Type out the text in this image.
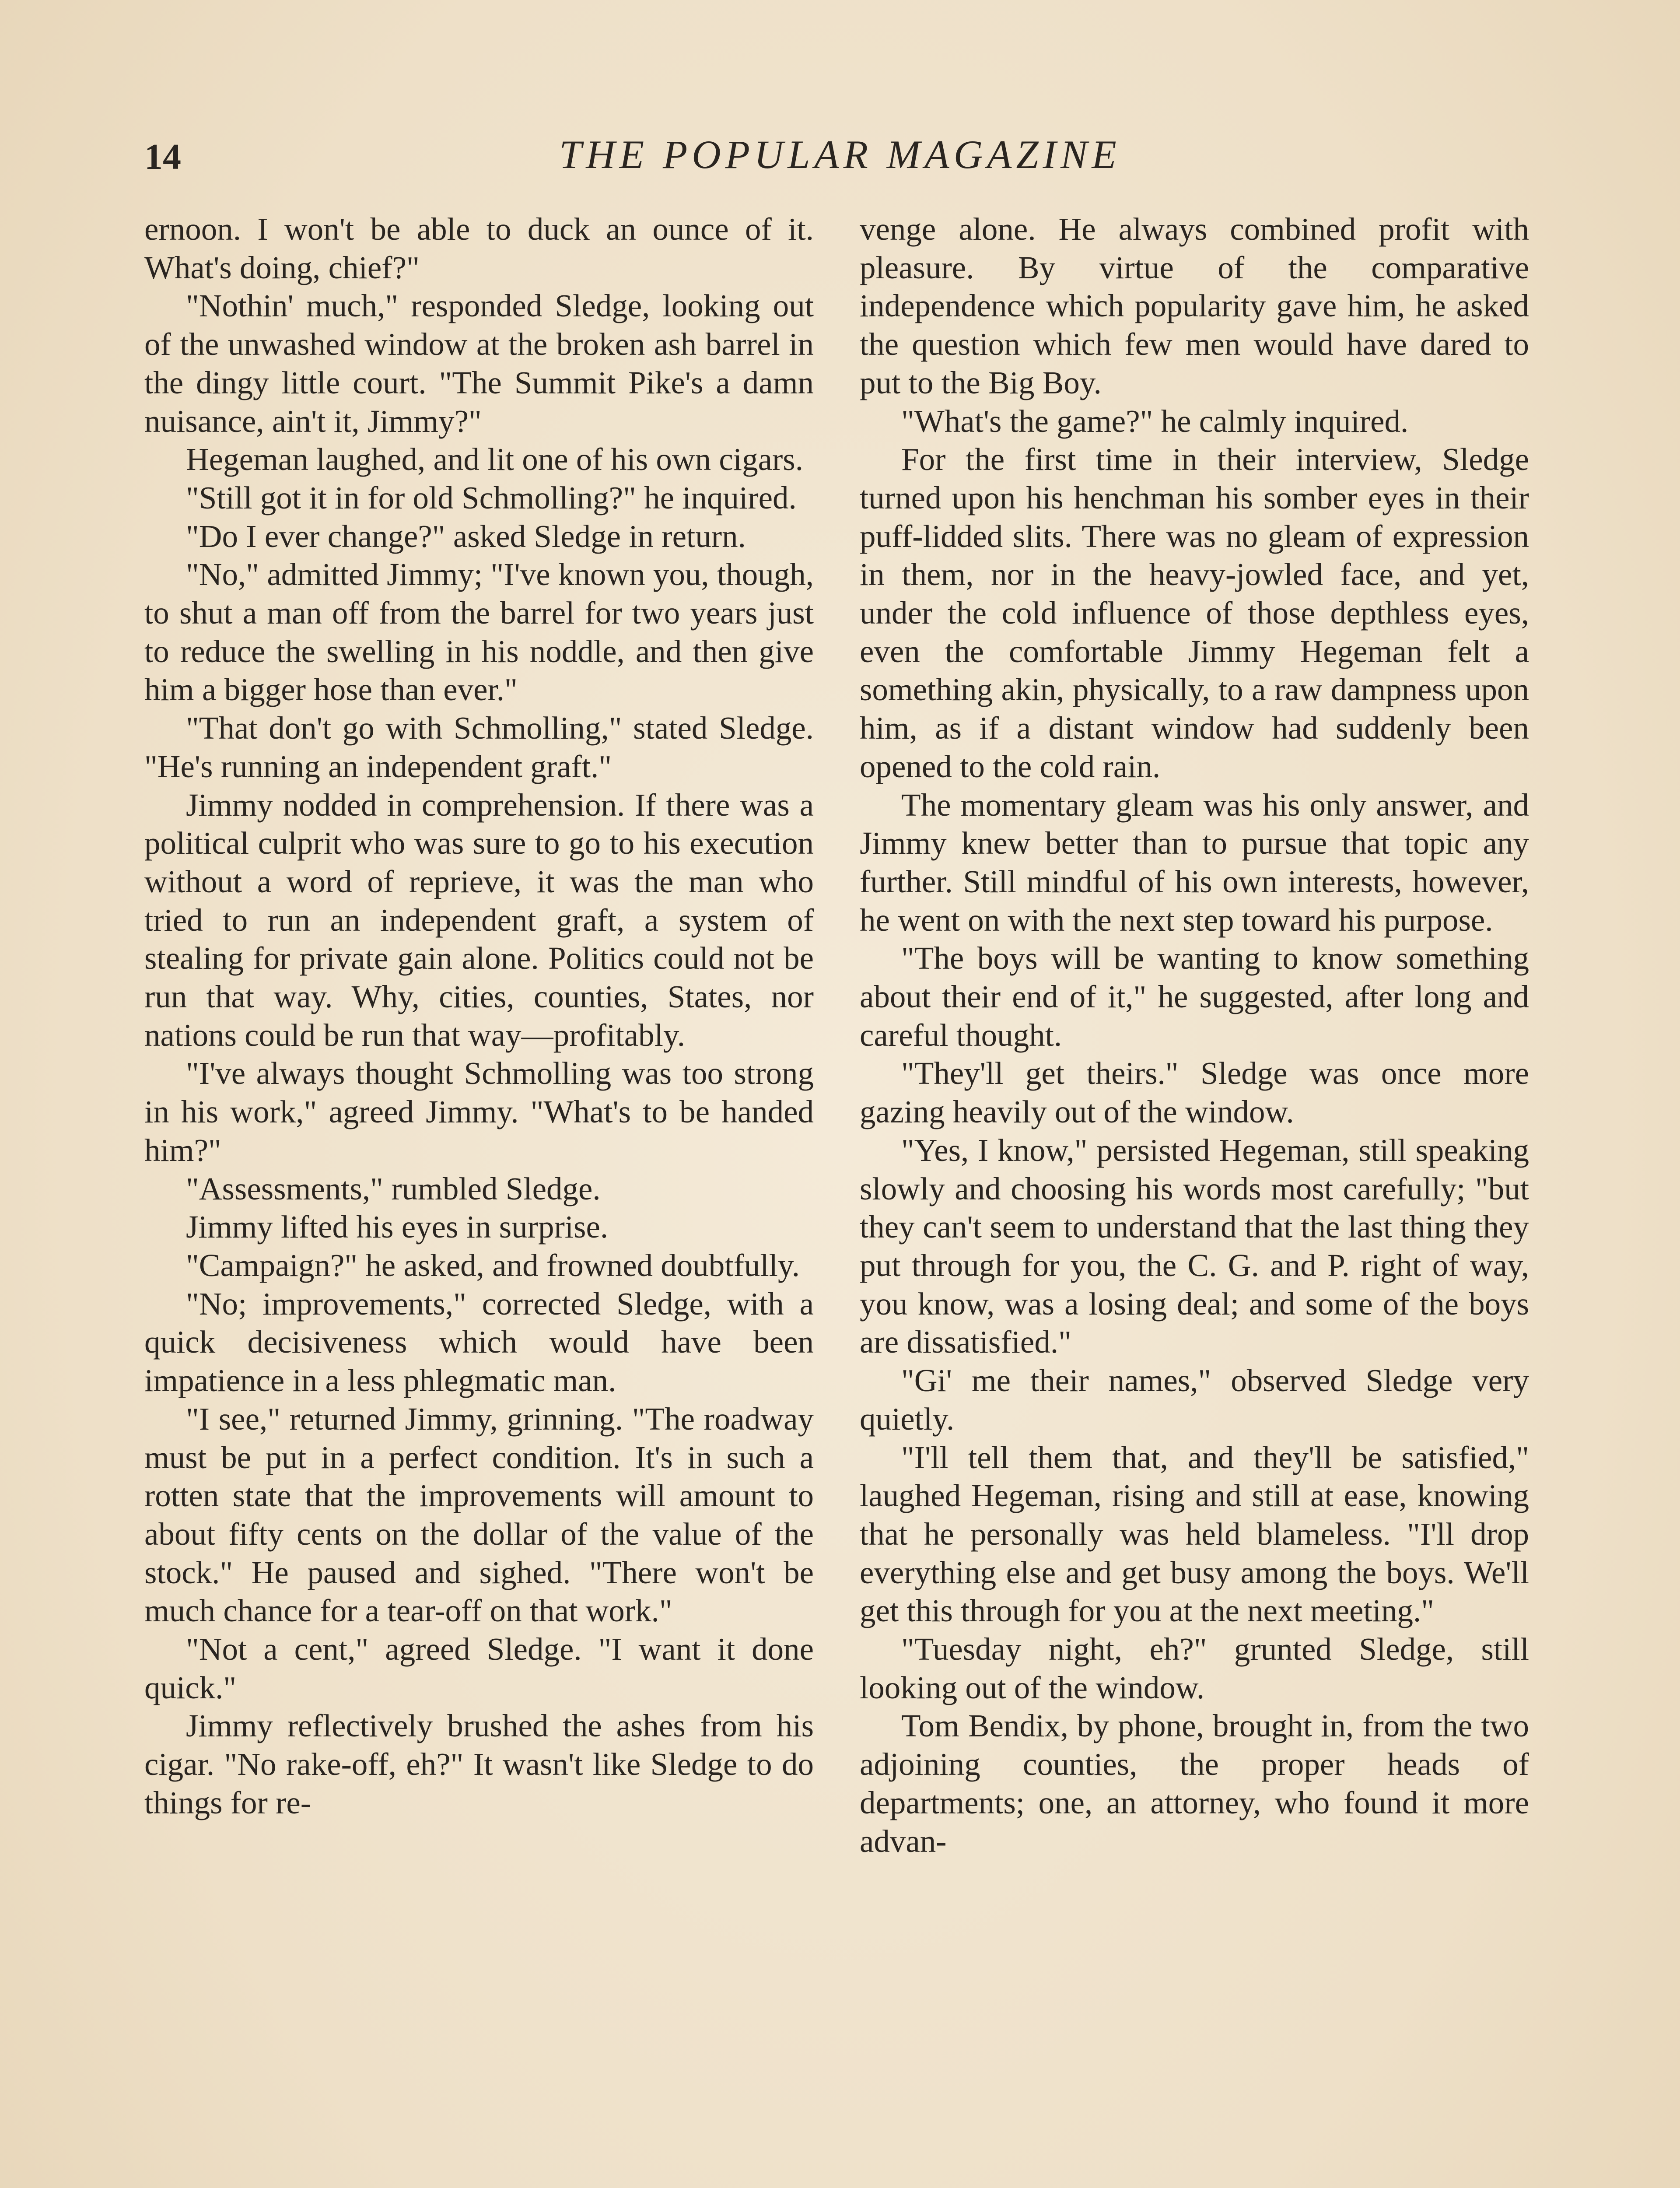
14	THE POPULAR MAGAZINE

ernoon. I won't be able to duck an ounce of it. What's doing, chief?"

"Nothin' much," responded Sledge, looking out of the unwashed window at the broken ash barrel in the dingy little court. "The Summit Pike's a damn nuisance, ain't it, Jimmy?"

Hegeman laughed, and lit one of his own cigars.

"Still got it in for old Schmolling?" he inquired.

"Do I ever change?" asked Sledge in return.

"No," admitted Jimmy; "I've known you, though, to shut a man off from the barrel for two years just to reduce the swelling in his noddle, and then give him a bigger hose than ever."

"That don't go with Schmolling," stated Sledge. "He's running an independent graft."

Jimmy nodded in comprehension. If there was a political culprit who was sure to go to his execution without a word of reprieve, it was the man who tried to run an independent graft, a system of stealing for private gain alone. Politics could not be run that way. Why, cities, counties, States, nor nations could be run that way—profitably.

"I've always thought Schmolling was too strong in his work," agreed Jimmy. "What's to be handed him?"

"Assessments," rumbled Sledge.

Jimmy lifted his eyes in surprise.

"Campaign?" he asked, and frowned doubtfully.

"No; improvements," corrected Sledge, with a quick decisiveness which would have been impatience in a less phlegmatic man.

"I see," returned Jimmy, grinning. "The roadway must be put in a perfect condition. It's in such a rotten state that the improvements will amount to about fifty cents on the dollar of the value of the stock." He paused and sighed. "There won't be much chance for a tear-off on that work."

"Not a cent," agreed Sledge. "I want it done quick."

Jimmy reflectively brushed the ashes from his cigar. "No rake-off, eh?" It wasn't like Sledge to do things for re-

venge alone. He always combined profit with pleasure. By virtue of the comparative independence which popularity gave him, he asked the question which few men would have dared to put to the Big Boy.

"What's the game?" he calmly inquired.

For the first time in their interview, Sledge turned upon his henchman his somber eyes in their puff-lidded slits. There was no gleam of expression in them, nor in the heavy-jowled face, and yet, under the cold influence of those depthless eyes, even the comfortable Jimmy Hegeman felt a something akin, physically, to a raw dampness upon him, as if a distant window had suddenly been opened to the cold rain.

The momentary gleam was his only answer, and Jimmy knew better than to pursue that topic any further. Still mindful of his own interests, however, he went on with the next step toward his purpose.

"The boys will be wanting to know something about their end of it," he suggested, after long and careful thought.

"They'll get theirs." Sledge was once more gazing heavily out of the window.

"Yes, I know," persisted Hegeman, still speaking slowly and choosing his words most carefully; "but they can't seem to understand that the last thing they put through for you, the C. G. and P. right of way, you know, was a losing deal; and some of the boys are dissatisfied."

"Gi' me their names," observed Sledge very quietly.

"I'll tell them that, and they'll be satisfied," laughed Hegeman, rising and still at ease, knowing that he personally was held blameless. "I'll drop everything else and get busy among the boys. We'll get this through for you at the next meeting."

"Tuesday night, eh?" grunted Sledge, still looking out of the window.

Tom Bendix, by phone, brought in, from the two adjoining counties, the proper heads of departments; one, an attorney, who found it more advan-
